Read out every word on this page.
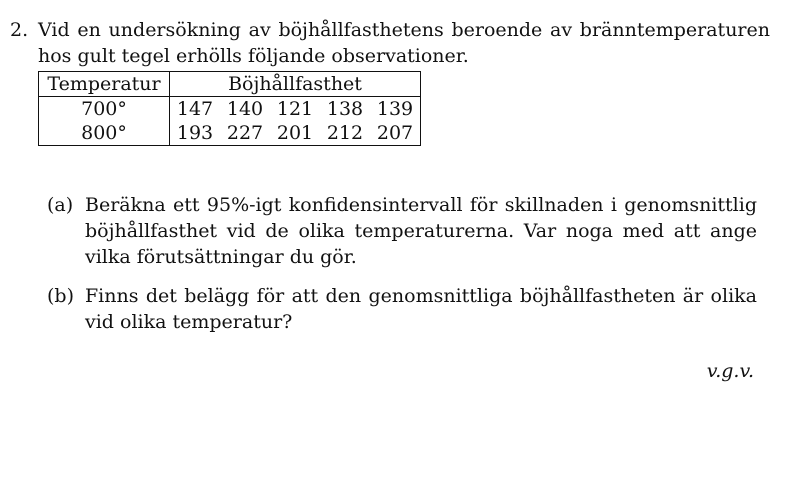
2. Vid en undersökning av böjhållfasthetens beroende av bränntemperaturen hos gult tegel erhölls följande observationer.
Temperatur	Böjhållfasthet				
700°	147	140	121	138	139
800°	193	227	201	212	207
(a) Beräkna ett 95%-igt konfidensintervall för skillnaden i genomsnittlig böjhållfasthet vid de olika temperaturerna. Var noga med att ange vilka förutsättningar du gör.
(b) Finns det belägg för att den genomsnittliga böjhållfastheten är olika vid olika temperatur?
v.g.v.
